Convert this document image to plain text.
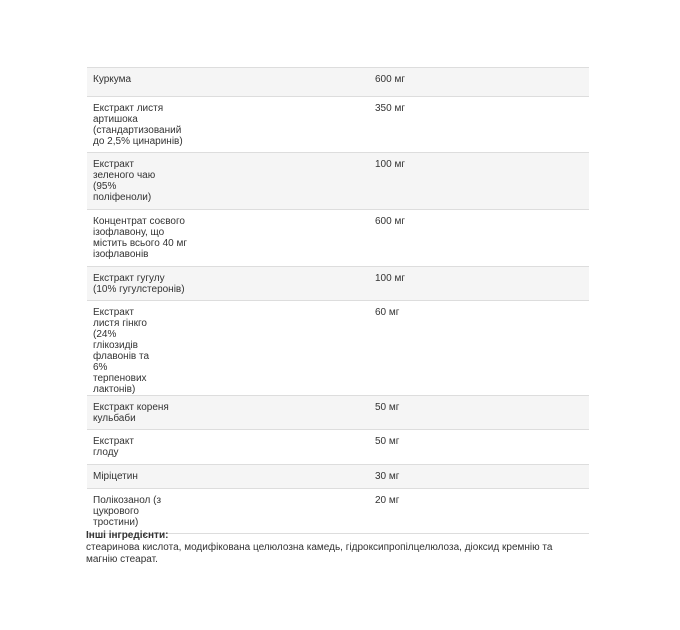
Куркума	600 мг

Екстракт листя артишока (стандартизований до 2,5% цинаринів)	350 мг

Екстракт зеленого чаю (95% поліфеноли)	100 мг

Концентрат соєвого ізофлавону, що містить всього 40 мг ізофлавонів	600 мг

Екстракт гугулу (10% гугулстеронів)	100 мг

Екстракт листя гінкго (24% глікозидів флавонів та 6% терпенових лактонів)	60 мг

Екстракт кореня кульбаби	50 мг

Екстракт глоду	50 мг

Міріцетин	30 мг

Полікозанол (з цукрового тростини)	20 мг
Інші інгредієнти:
стеаринова кислота, модифікована целюлозна камедь, гідроксипропілцелюлоза, діоксид кремнію та магнію стеарат.
